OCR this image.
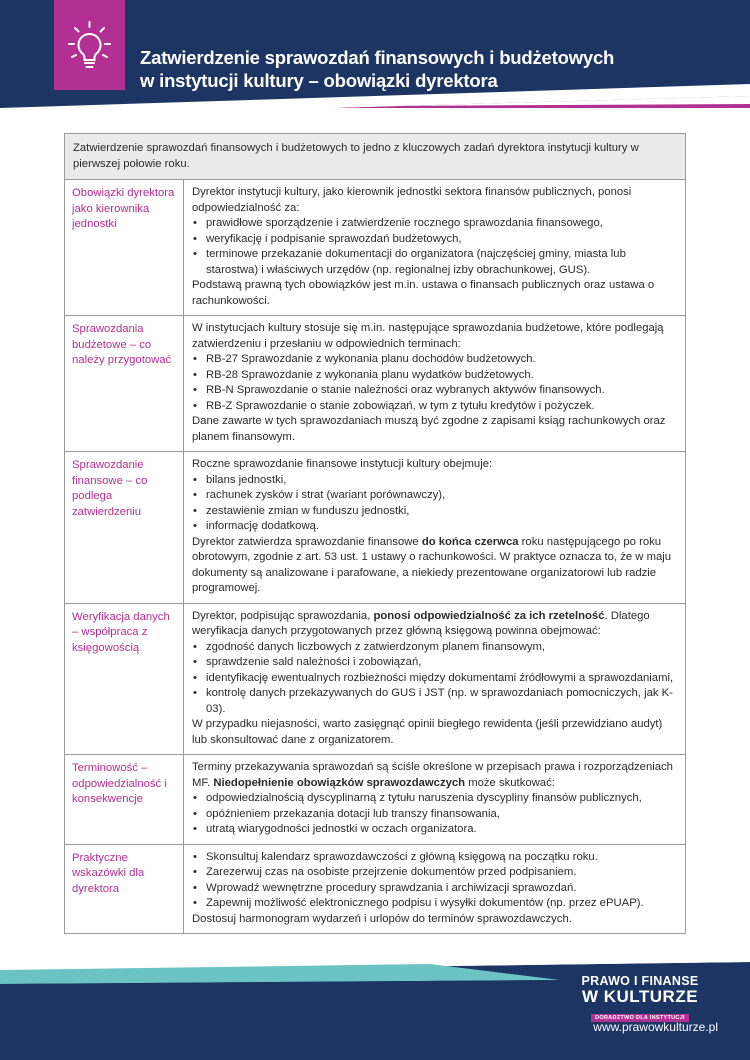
Zatwierdzenie sprawozdań finansowych i budżetowych
w instytucji kultury – obowiązki dyrektora
Zatwierdzenie sprawozdań finansowych i budżetowych to jedno z kluczowych zadań dyrektora instytucji kultury w pierwszej połowie roku.
Obowiązki dyrektora jako kierownika jednostki

Dyrektor instytucji kultury, jako kierownik jednostki sektora finansów publicznych, ponosi odpowiedzialność za:

• prawidłowe sporządzenie i zatwierdzenie rocznego sprawozdania finansowego,
• weryfikację i podpisanie sprawozdań budżetowych,
• terminowe przekazanie dokumentacji do organizatora (najczęściej gminy, miasta lub starostwa) i właściwych urzędów (np. regionalnej izby obrachunkowej, GUS).

Podstawą prawną tych obowiązków jest m.in. ustawa o finansach publicznych oraz ustawa o rachunkowości.

Sprawozdania budżetowe – co należy przygotować

W instytucjach kultury stosuje się m.in. następujące sprawozdania budżetowe, które podlegają zatwierdzeniu i przesłaniu w odpowiednich terminach:

• RB-27 Sprawozdanie z wykonania planu dochodów budżetowych.
• RB-28 Sprawozdanie z wykonania planu wydatków budżetowych.
• RB-N Sprawozdanie o stanie należności oraz wybranych aktywów finansowych.
• RB-Z Sprawozdanie o stanie zobowiązań, w tym z tytułu kredytów i pożyczek.

Dane zawarte w tych sprawozdaniach muszą być zgodne z zapisami ksiąg rachunkowych oraz planem finansowym.

Sprawozdanie finansowe – co podlega zatwierdzeniu

Roczne sprawozdanie finansowe instytucji kultury obejmuje:

• bilans jednostki,
• rachunek zysków i strat (wariant porównawczy),
• zestawienie zmian w funduszu jednostki,
• informację dodatkową.

Dyrektor zatwierdza sprawozdanie finansowe do końca czerwca roku następującego po roku obrotowym, zgodnie z art. 53 ust. 1 ustawy o rachunkowości. W praktyce oznacza to, że w maju dokumenty są analizowane i parafowane, a niekiedy prezentowane organizatorowi lub radzie programowej.

Weryfikacja danych – współpraca z księgowością

Dyrektor, podpisując sprawozdania, ponosi odpowiedzialność za ich rzetelność. Dlatego weryfikacja danych przygotowanych przez główną księgową powinna obejmować:

• zgodność danych liczbowych z zatwierdzonym planem finansowym,
• sprawdzenie sald należności i zobowiązań,
• identyfikację ewentualnych rozbieżności między dokumentami źródłowymi a sprawozdaniami,
• kontrolę danych przekazywanych do GUS i JST (np. w sprawozdaniach pomocniczych, jak K-03).

W przypadku niejasności, warto zasięgnąć opinii biegłego rewidenta (jeśli przewidziano audyt) lub skonsultować dane z organizatorem.

Terminowość – odpowiedzialność i konsekwencje

Terminy przekazywania sprawozdań są ściśle określone w przepisach prawa i rozporządzeniach MF. Niedopełnienie obowiązków sprawozdawczych może skutkować:

• odpowiedzialnością dyscyplinarną z tytułu naruszenia dyscypliny finansów publicznych,
• opóźnieniem przekazania dotacji lub transzy finansowania,
• utratą wiarygodności jednostki w oczach organizatora.
Praktyczne wskazówki dla dyrektora
• Skonsultuj kalendarz sprawozdawczości z główną księgową na początku roku.
• Zarezerwuj czas na osobiste przejrzenie dokumentów przed podpisaniem.
• Wprowadź wewnętrzne procedury sprawdzania i archiwizacji sprawozdań.
• Zapewnij możliwość elektronicznego podpisu i wysyłki dokumentów (np. przez ePUAP).

Dostosuj harmonogram wydarzeń i urlopów do terminów sprawozdawczych.

PRAWO I FINANSE
W KULTURZE
DORADZTWO DLA INSTYTUCJI
www.prawowkulturze.pl
